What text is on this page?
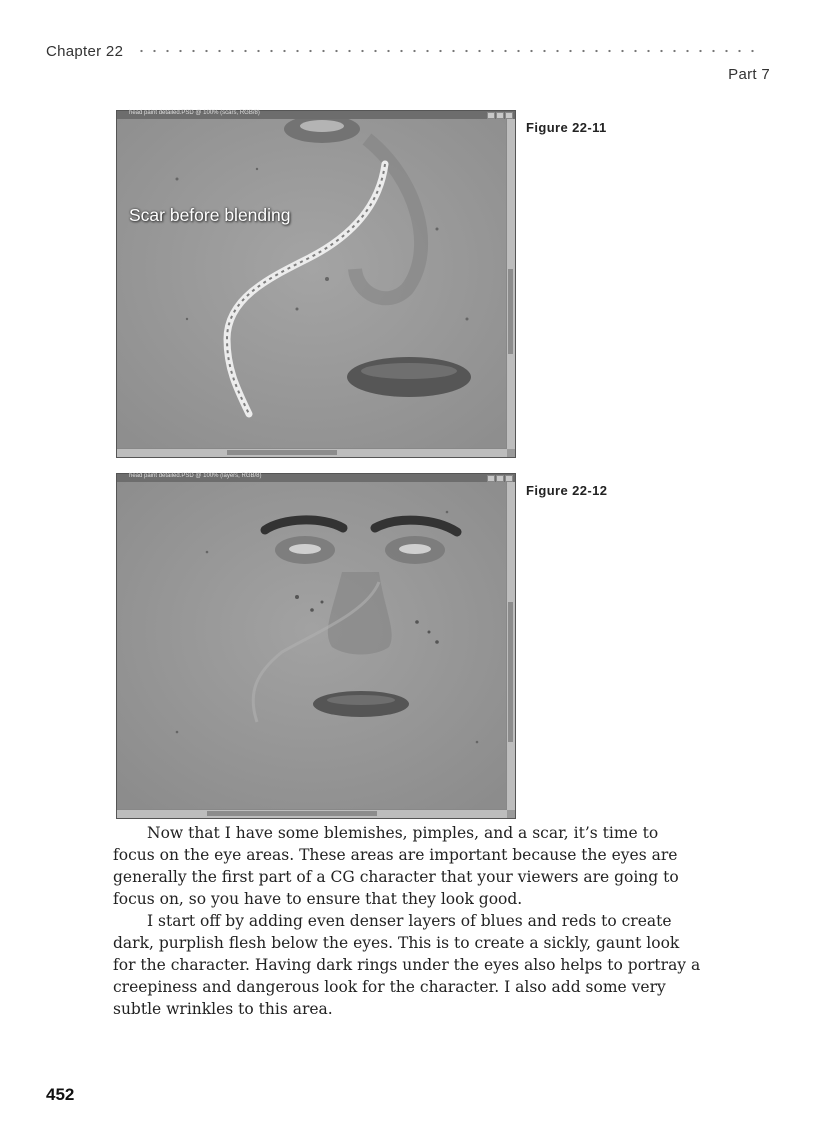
Chapter 22
Part 7
head paint detailed.PSD @ 100% (scars, RGB/8)
Scar before blending
Figure 22-11
head paint detailed.PSD @ 100% (layers, RGB/8)
Figure 22-12

Now that I have some blemishes, pimples, and a scar, it’s time to focus on the eye areas. These areas are important because the eyes are generally the first part of a CG character that your viewers are going to focus on, so you have to ensure that they look good.

I start off by adding even denser layers of blues and reds to create dark, purplish flesh below the eyes. This is to create a sickly, gaunt look for the character. Having dark rings under the eyes also helps to portray a creepiness and dangerous look for the character. I also add some very subtle wrinkles to this area.

452
